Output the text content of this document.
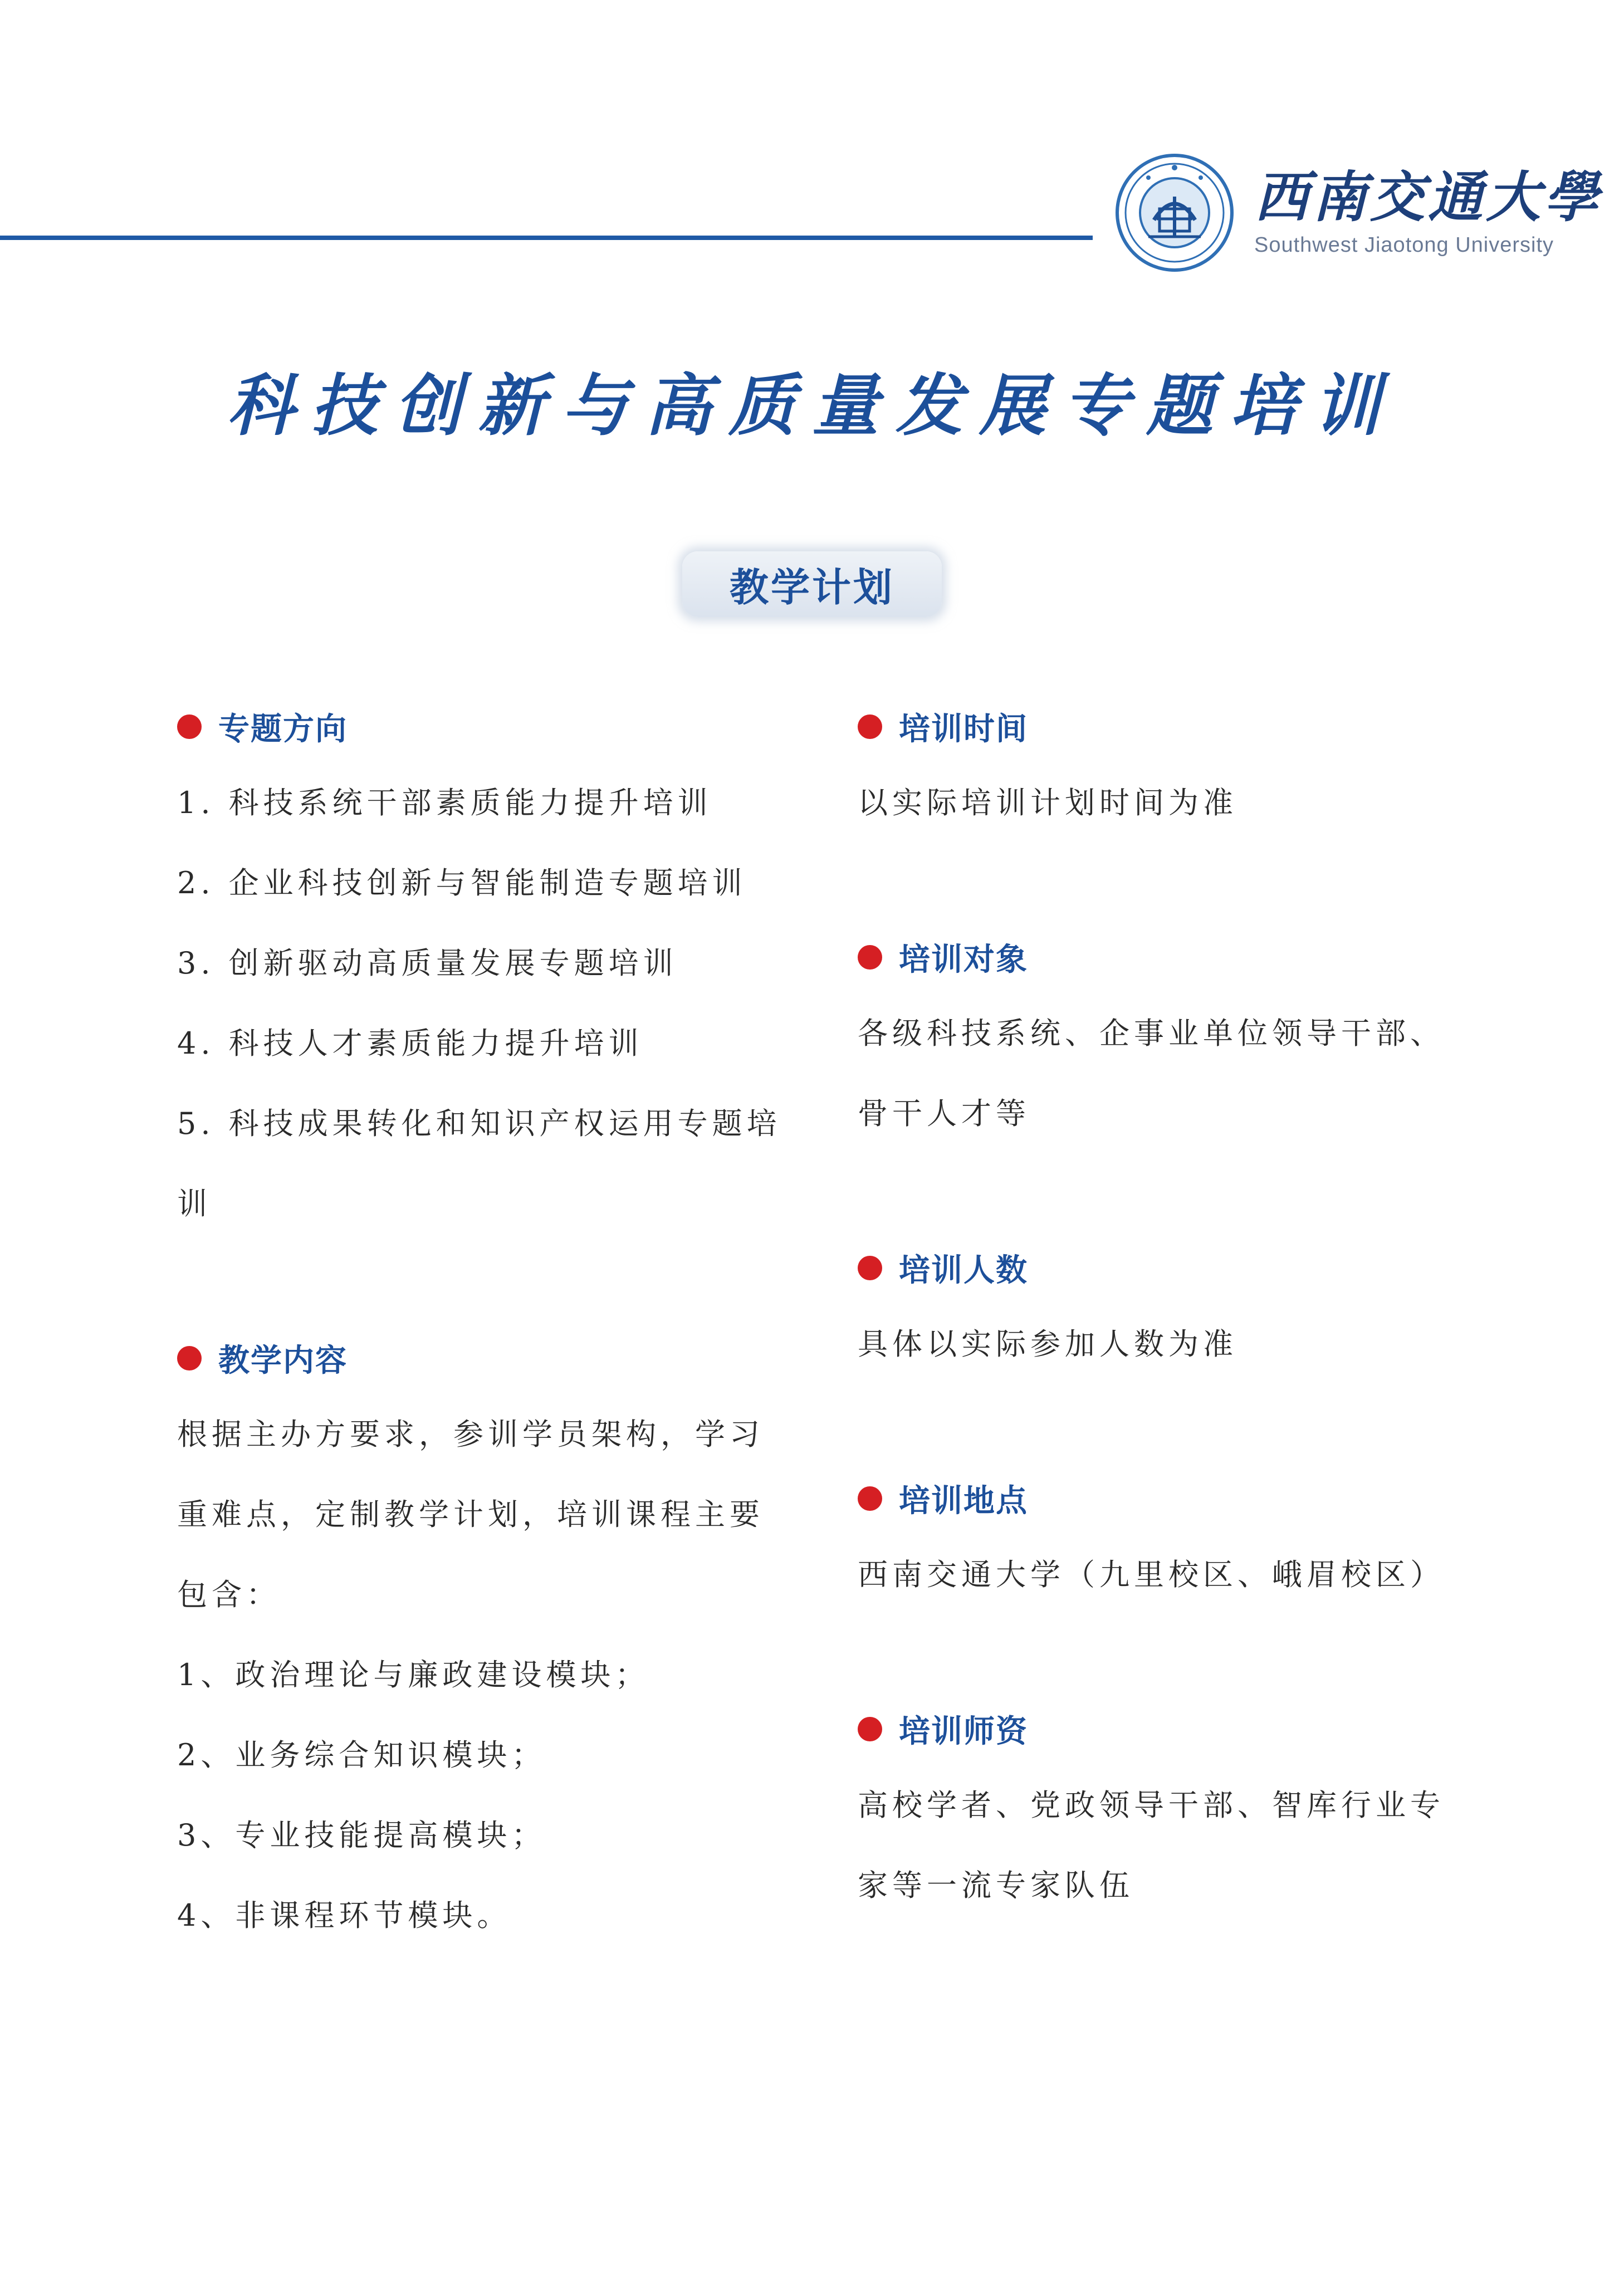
西南交通大學
Southwest Jiaotong University
科技创新与高质量发展专题培训
教学计划
专题方向
1. 科技系统干部素质能力提升培训
2. 企业科技创新与智能制造专题培训
3. 创新驱动高质量发展专题培训
4. 科技人才素质能力提升培训
5. 科技成果转化和知识产权运用专题培训
教学内容
根据主办方要求，参训学员架构，学习重难点，定制教学计划，培训课程主要包含：
1、政治理论与廉政建设模块；
2、业务综合知识模块；
3、专业技能提高模块；
4、非课程环节模块。
培训时间
以实际培训计划时间为准
培训对象
各级科技系统、企事业单位领导干部、骨干人才等
培训人数
具体以实际参加人数为准
培训地点
西南交通大学（九里校区、峨眉校区）
培训师资
高校学者、党政领导干部、智库行业专家等一流专家队伍
